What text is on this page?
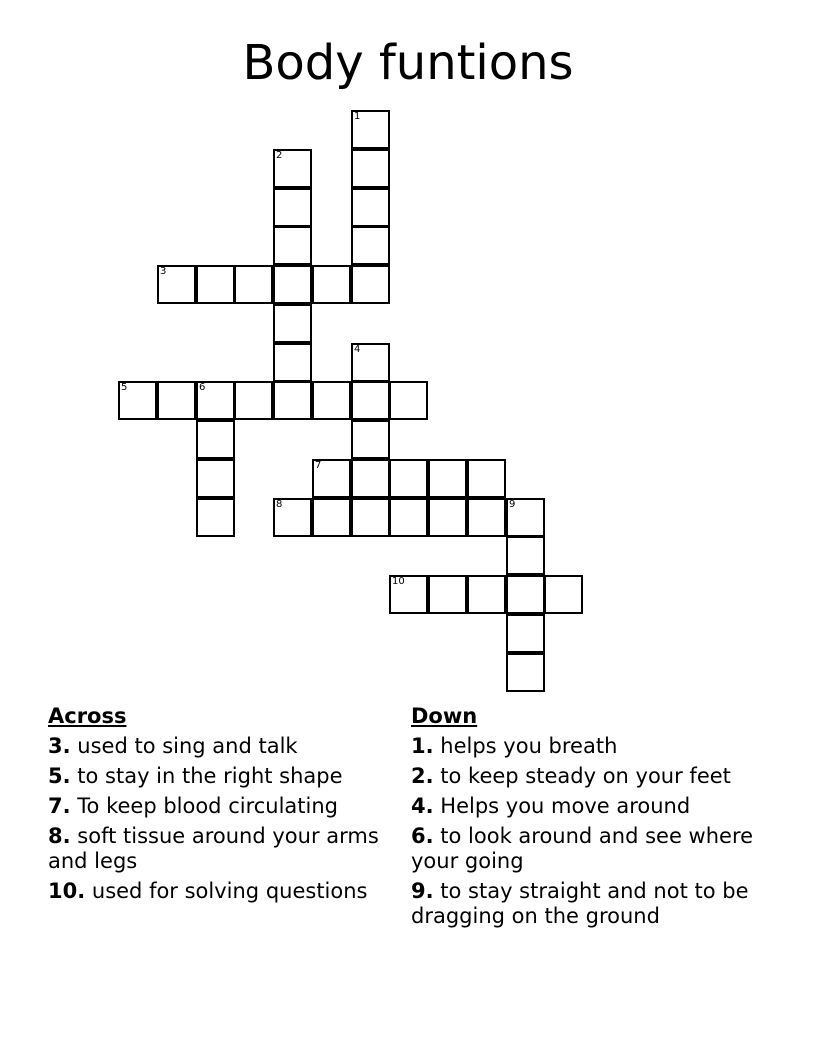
Body funtions
1
2
3
4
5	6
7
8	9
10
Across
3. used to sing and talk
5. to stay in the right shape
7. To keep blood circulating
8. soft tissue around your arms and legs
10. used for solving questions
Down
1. helps you breath
2. to keep steady on your feet
4. Helps you move around
6. to look around and see where your going
9. to stay straight and not to be dragging on the ground
